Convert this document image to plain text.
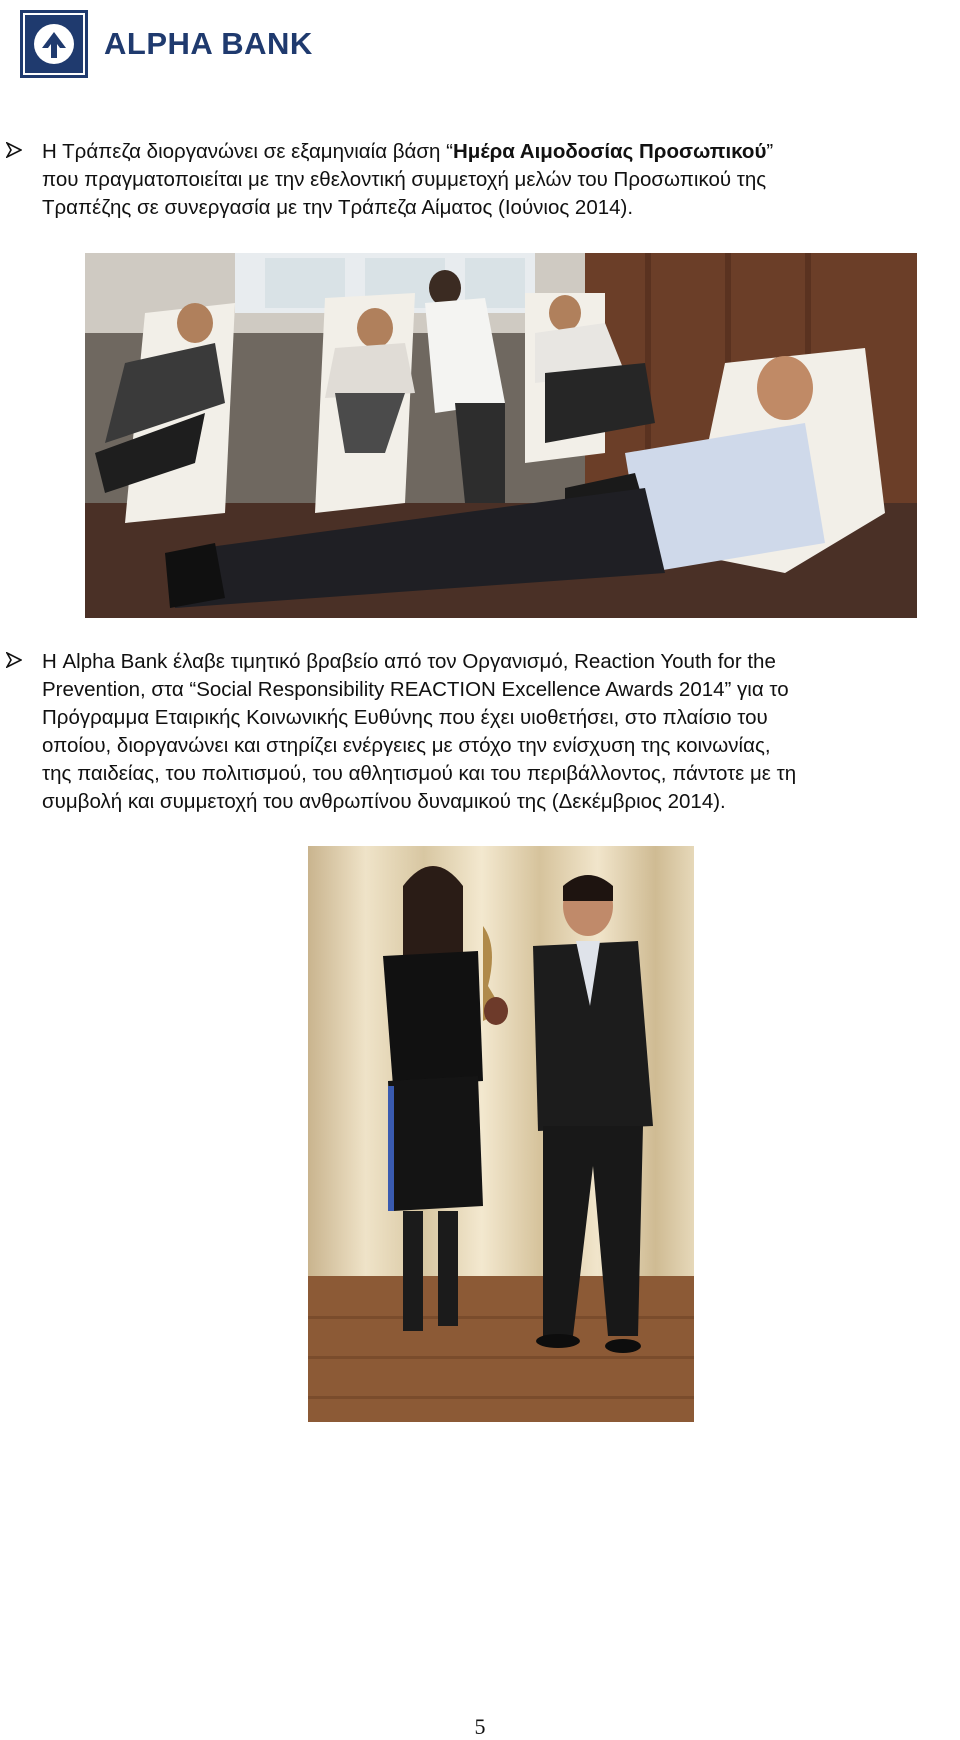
ALPHA BANK
Η Τράπεζα διοργανώνει σε εξαμηνιαία βάση “Ημέρα Αιμοδοσίας Προσωπικού”
που πραγματοποιείται με την εθελοντική συμμετοχή μελών του Προσωπικού της
Τραπέζης σε συνεργασία με την Τράπεζα Αίματος (Ιούνιος 2014).
Η Alpha Bank έλαβε τιμητικό βραβείο από τον Οργανισμό, Reaction Youth for the
Prevention, στα “Social Responsibility REACTION Excellence Awards 2014” για το
Πρόγραμμα Εταιρικής Κοινωνικής Ευθύνης που έχει υιοθετήσει, στο πλαίσιο του
οποίου, διοργανώνει και στηρίζει ενέργειες με στόχο την ενίσχυση της κοινωνίας,
της παιδείας, του πολιτισμού, του αθλητισμού και του περιβάλλοντος, πάντοτε με τη
συμβολή και συμμετοχή του ανθρωπίνου δυναμικού της (Δεκέμβριος 2014).
5
